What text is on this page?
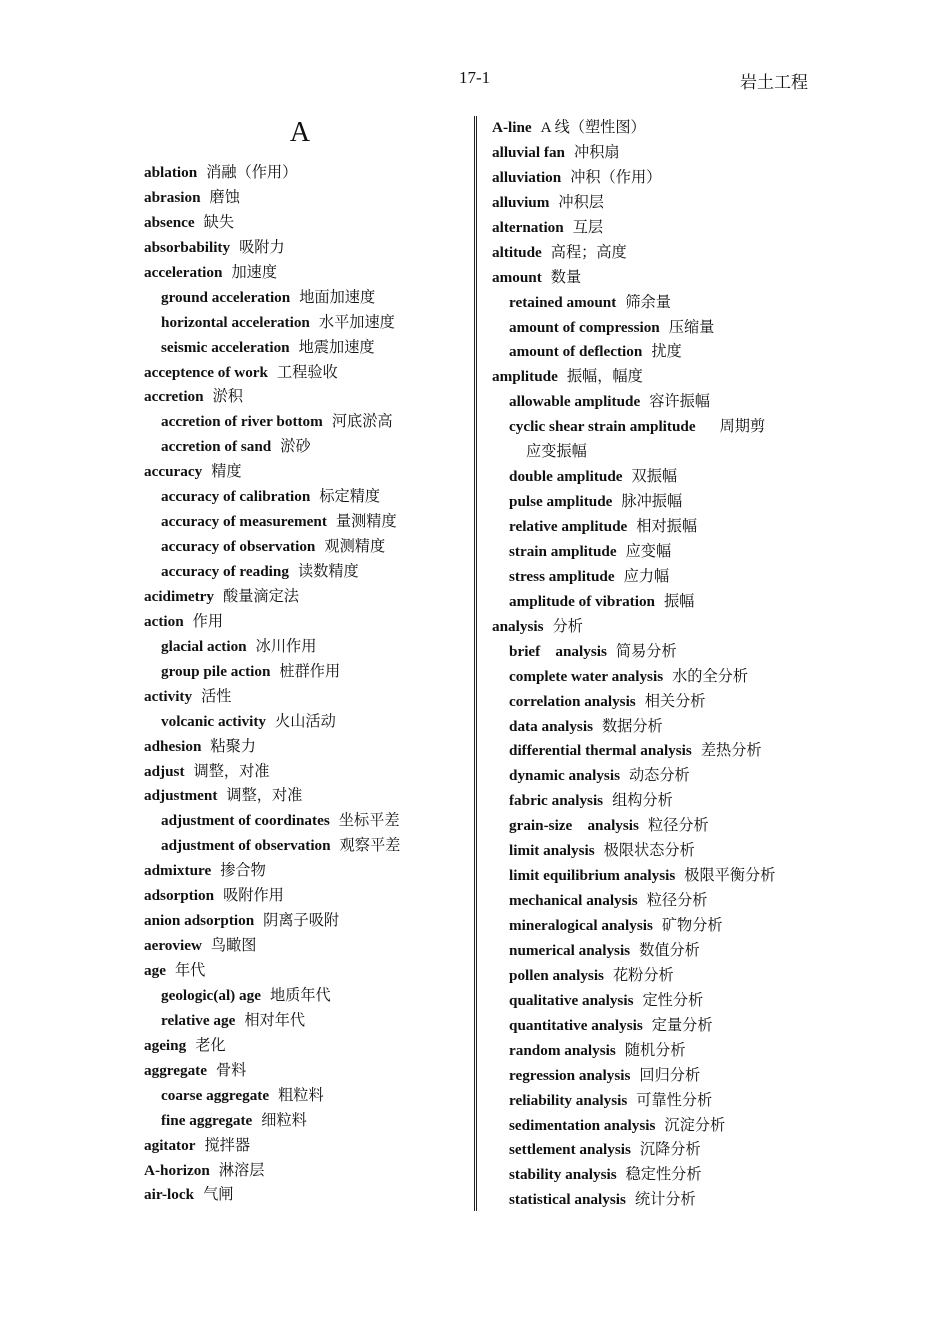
17-1	岩土工程
A
ablation 消融（作用）
abrasion 磨蚀
absence 缺失
absorbability 吸附力
acceleration 加速度
ground acceleration 地面加速度
horizontal acceleration 水平加速度
seismic acceleration 地震加速度
acceptence of work 工程验收
accretion 淤积
accretion of river bottom 河底淤高
accretion of sand 淤砂
accuracy 精度
accuracy of calibration 标定精度
accuracy of measurement 量测精度
accuracy of observation 观测精度
accuracy of reading 读数精度
acidimetry 酸量滴定法
action 作用
glacial action 冰川作用
group pile action 桩群作用
activity 活性
volcanic activity 火山活动
adhesion 粘聚力
adjust 调整，对准
adjustment 调整，对准
adjustment of coordinates 坐标平差
adjustment of observation 观察平差
admixture 掺合物
adsorption 吸附作用
anion adsorption 阴离子吸附
aeroview 鸟瞰图
age 年代
geologic(al) age 地质年代
relative age 相对年代
ageing 老化
aggregate 骨料
coarse aggregate 粗粒料
fine aggregate 细粒料
agitator 搅拌器
A-horizon 淋溶层
air-lock 气闸
A-line A 线（塑性图）
alluvial fan 冲积扇
alluviation 冲积（作用）
alluvium 冲积层
alternation 互层
altitude 高程；高度
amount 数量
retained amount 筛余量
amount of compression 压缩量
amount of deflection 扰度
amplitude 振幅，幅度
allowable amplitude 容许振幅
cyclic shear strain amplitude 周期剪
应变振幅
double amplitude 双振幅
pulse amplitude 脉冲振幅
relative amplitude 相对振幅
strain amplitude 应变幅
stress amplitude 应力幅
amplitude of vibration 振幅
analysis 分析
brief　analysis 简易分析
complete water analysis 水的全分析
correlation analysis 相关分析
data analysis 数据分析
differential thermal analysis 差热分析
dynamic analysis 动态分析
fabric analysis 组构分析
grain-size　analysis 粒径分析
limit analysis 极限状态分析
limit equilibrium analysis 极限平衡分析
mechanical analysis 粒径分析
mineralogical analysis 矿物分析
numerical analysis 数值分析
pollen analysis 花粉分析
qualitative analysis 定性分析
quantitative analysis 定量分析
random analysis 随机分析
regression analysis 回归分析
reliability analysis 可靠性分析
sedimentation analysis 沉淀分析
settlement analysis 沉降分析
stability analysis 稳定性分析
statistical analysis 统计分析
